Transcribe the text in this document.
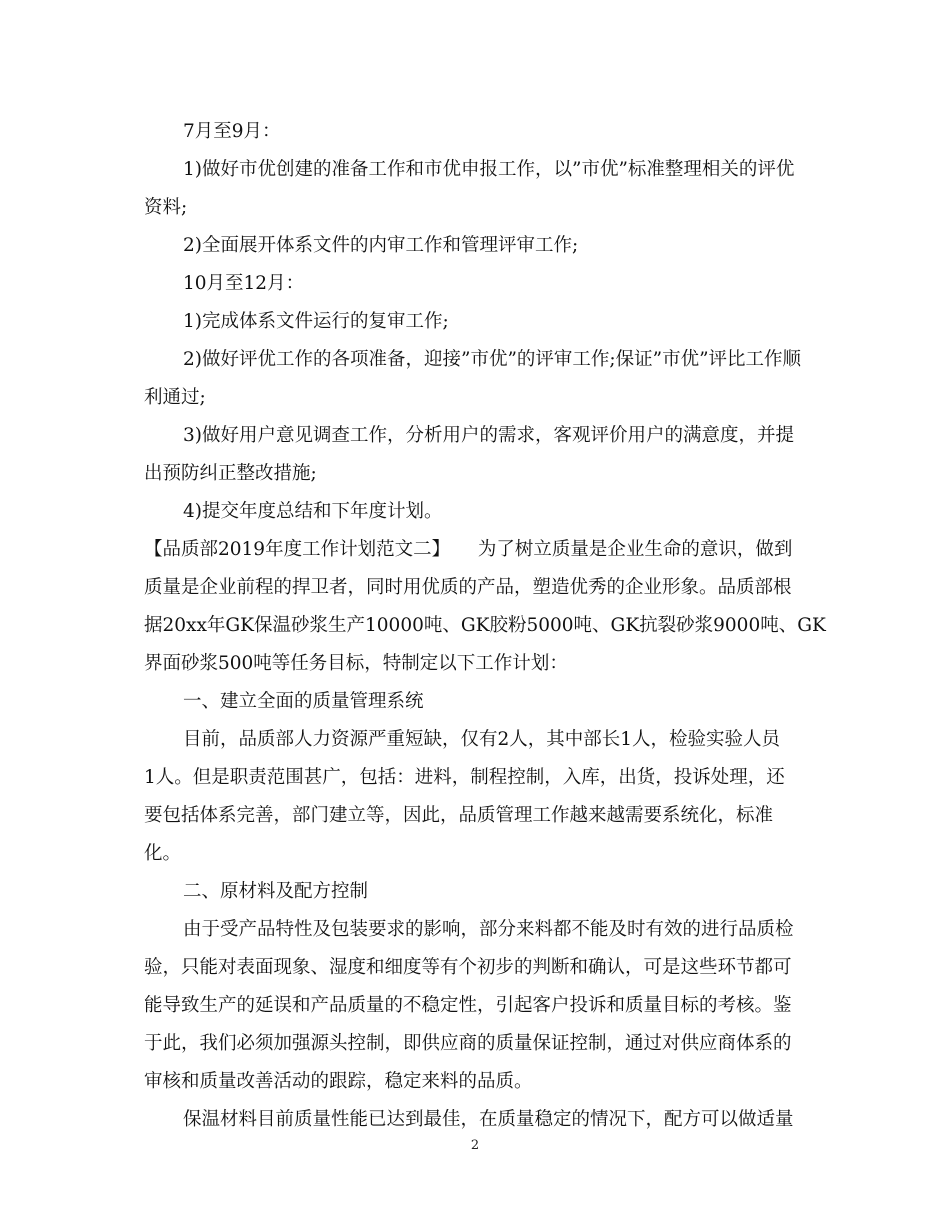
7月至9月：

1)做好市优创建的准备工作和市优申报工作，以”市优”标准整理相关的评优

资料;

2)全面展开体系文件的内审工作和管理评审工作;

10月至12月：

1)完成体系文件运行的复审工作;

2)做好评优工作的各项准备，迎接”市优”的评审工作;保证”市优”评比工作顺

利通过;

3)做好用户意见调查工作，分析用户的需求，客观评价用户的满意度，并提

出预防纠正整改措施;

4)提交年度总结和下年度计划。

【品质部2019年度工作计划范文二】　　为了树立质量是企业生命的意识，做到

质量是企业前程的捍卫者，同时用优质的产品，塑造优秀的企业形象。品质部根

据20xx年GK保温砂浆生产10000吨、GK胶粉5000吨、GK抗裂砂浆9000吨、GK

界面砂浆500吨等任务目标，特制定以下工作计划：

一、建立全面的质量管理系统

目前，品质部人力资源严重短缺，仅有2人，其中部长1人，检验实验人员

1人。但是职责范围甚广，包括：进料，制程控制，入库，出货，投诉处理，还

要包括体系完善，部门建立等，因此，品质管理工作越来越需要系统化，标准

化。

二、原材料及配方控制

由于受产品特性及包装要求的影响，部分来料都不能及时有效的进行品质检

验，只能对表面现象、湿度和细度等有个初步的判断和确认，可是这些环节都可

能导致生产的延误和产品质量的不稳定性，引起客户投诉和质量目标的考核。鉴

于此，我们必须加强源头控制，即供应商的质量保证控制，通过对供应商体系的

审核和质量改善活动的跟踪，稳定来料的品质。

保温材料目前质量性能已达到最佳，在质量稳定的情况下，配方可以做适量

2
